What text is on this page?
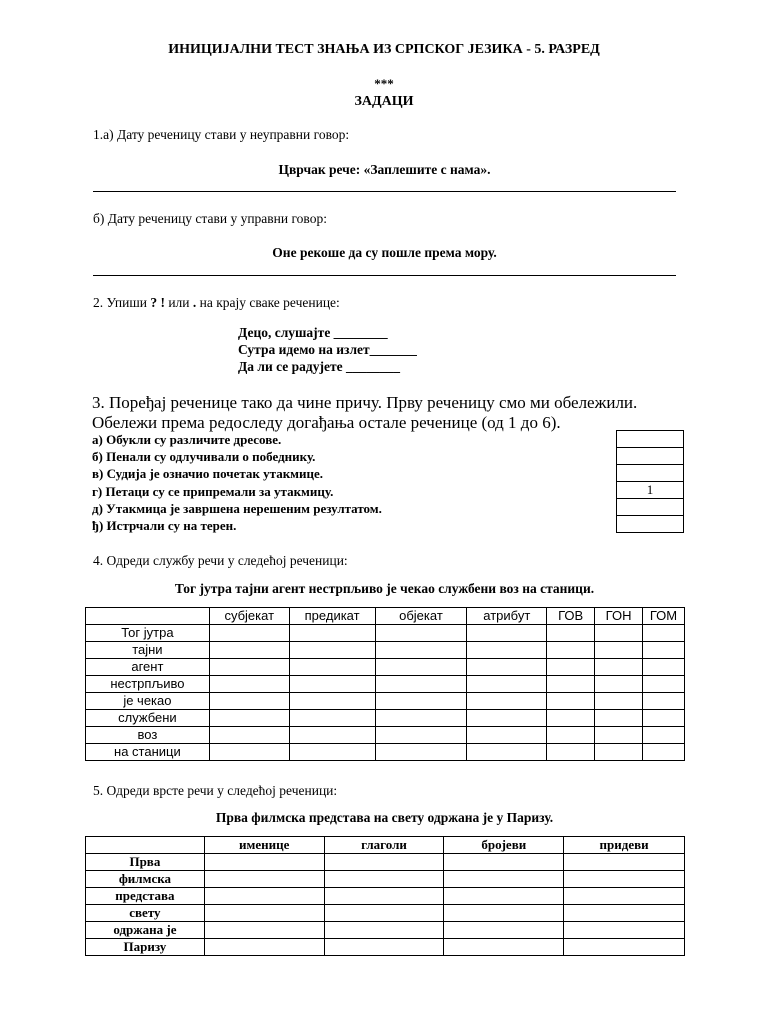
ИНИЦИЈАЛНИ ТЕСТ ЗНАЊА ИЗ СРПСКОГ ЈЕЗИКА - 5. РАЗРЕД
***
ЗАДАЦИ
1.а) Дату реченицу стави у неуправни говор:
Цврчак рече: «Заплешите с нама».
б) Дату реченицу стави у управни говор:
Оне рекоше да су пошле према мору.
2. Упиши ? ! или . на крају сваке реченице:
Децо, слушајте ________
Сутра идемо на излет_______
Да ли се радујете ________
3. Поређај реченице тако да чине причу. Прву реченицу смо ми обележили.
Обележи према редоследу догађања остале реченице (од 1 до 6).
а) Обукли су различите дресове.
б) Пенали су одлучивали о победнику.
в) Судија је означио почетак утакмице.
г) Петаци су се припремали за утакмицу.
д) Утакмица је завршена нерешеним резултатом.
ђ) Истрчали су на терен.

1

4. Одреди службу речи у следећој реченици:
Тог јутра тајни агент нестрпљиво је чекао службени воз на станици.
	субјекат	предикат	објекат	атрибут	ГОВ	ГОН	ГОМ
Тог јутра							
тајни							
агент							
нестрпљиво							
је чекао							
службени							
воз							
на станици							
5. Одреди врсте речи у следећој реченици:
Прва филмска представа на свету одржана је у Паризу.
	именице	глаголи	бројеви	придеви
Прва				
филмска				
представа				
свету				
одржана је				
Паризу				
